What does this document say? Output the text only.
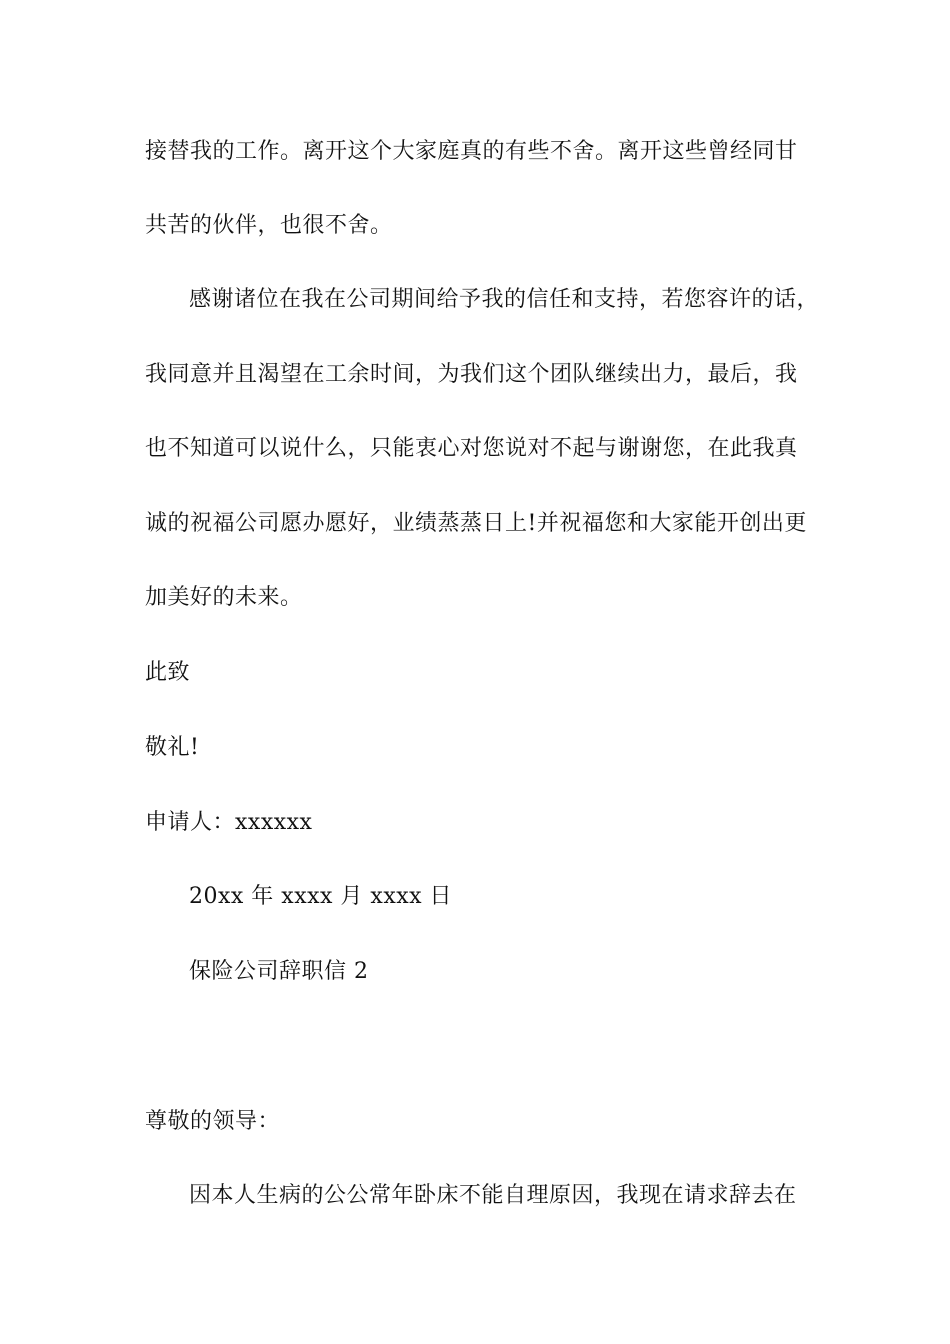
接替我的工作。离开这个大家庭真的有些不舍。离开这些曾经同甘
共苦的伙伴，也很不舍。
感谢诸位在我在公司期间给予我的信任和支持，若您容许的话，
我同意并且渴望在工余时间，为我们这个团队继续出力，最后，我
也不知道可以说什么，只能衷心对您说对不起与谢谢您，在此我真
诚的祝福公司愿办愿好，业绩蒸蒸日上!并祝福您和大家能开创出更
加美好的未来。
此致
敬礼!
申请人：xxxxxx
20xx 年 xxxx 月 xxxx 日
保险公司辞职信 2
尊敬的领导：
因本人生病的公公常年卧床不能自理原因，我现在请求辞去在
